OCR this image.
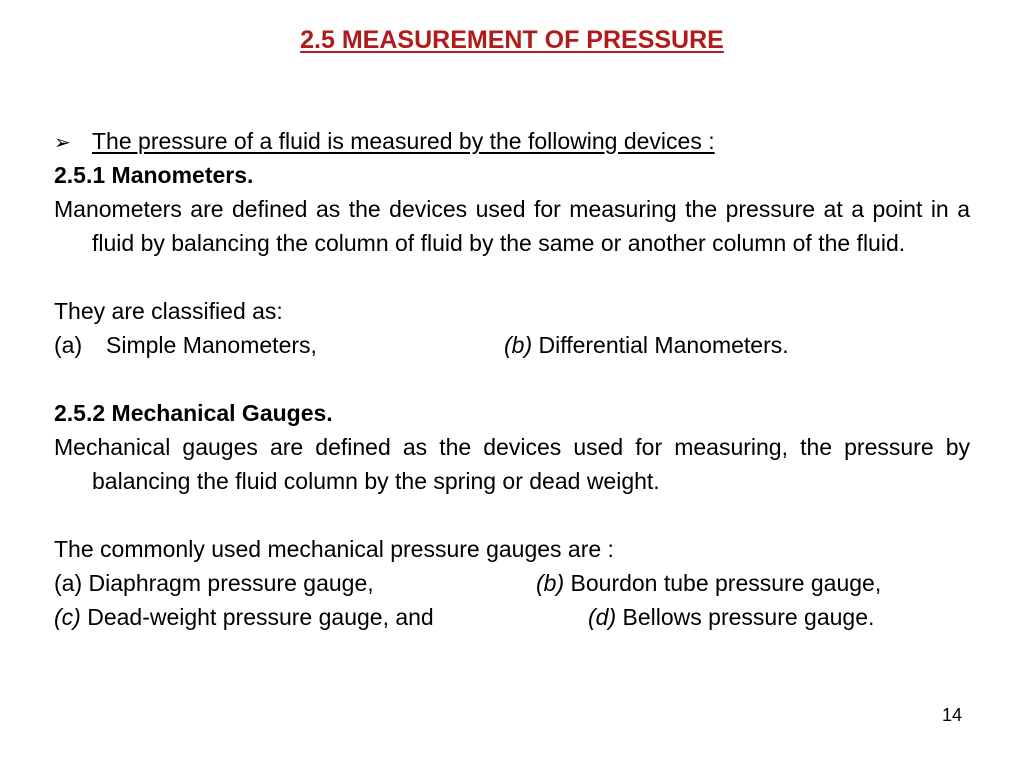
2.5 MEASUREMENT OF PRESSURE
➢ The pressure of a fluid is measured by the following devices :
2.5.1 Manometers.
Manometers are defined as the devices used for measuring the pressure at a point in a fluid by balancing the column of fluid by the same or another column of the fluid.
They are classified as:
(a) Simple Manometers,	(b) Differential Manometers.
2.5.2 Mechanical Gauges.
Mechanical gauges are defined as the devices used for measuring, the pressure by balancing the fluid column by the spring or dead weight.
The commonly used mechanical pressure gauges are :
(a) Diaphragm pressure gauge,	(b) Bourdon tube pressure gauge,
(c) Dead-weight pressure gauge, and	(d) Bellows pressure gauge.
14
